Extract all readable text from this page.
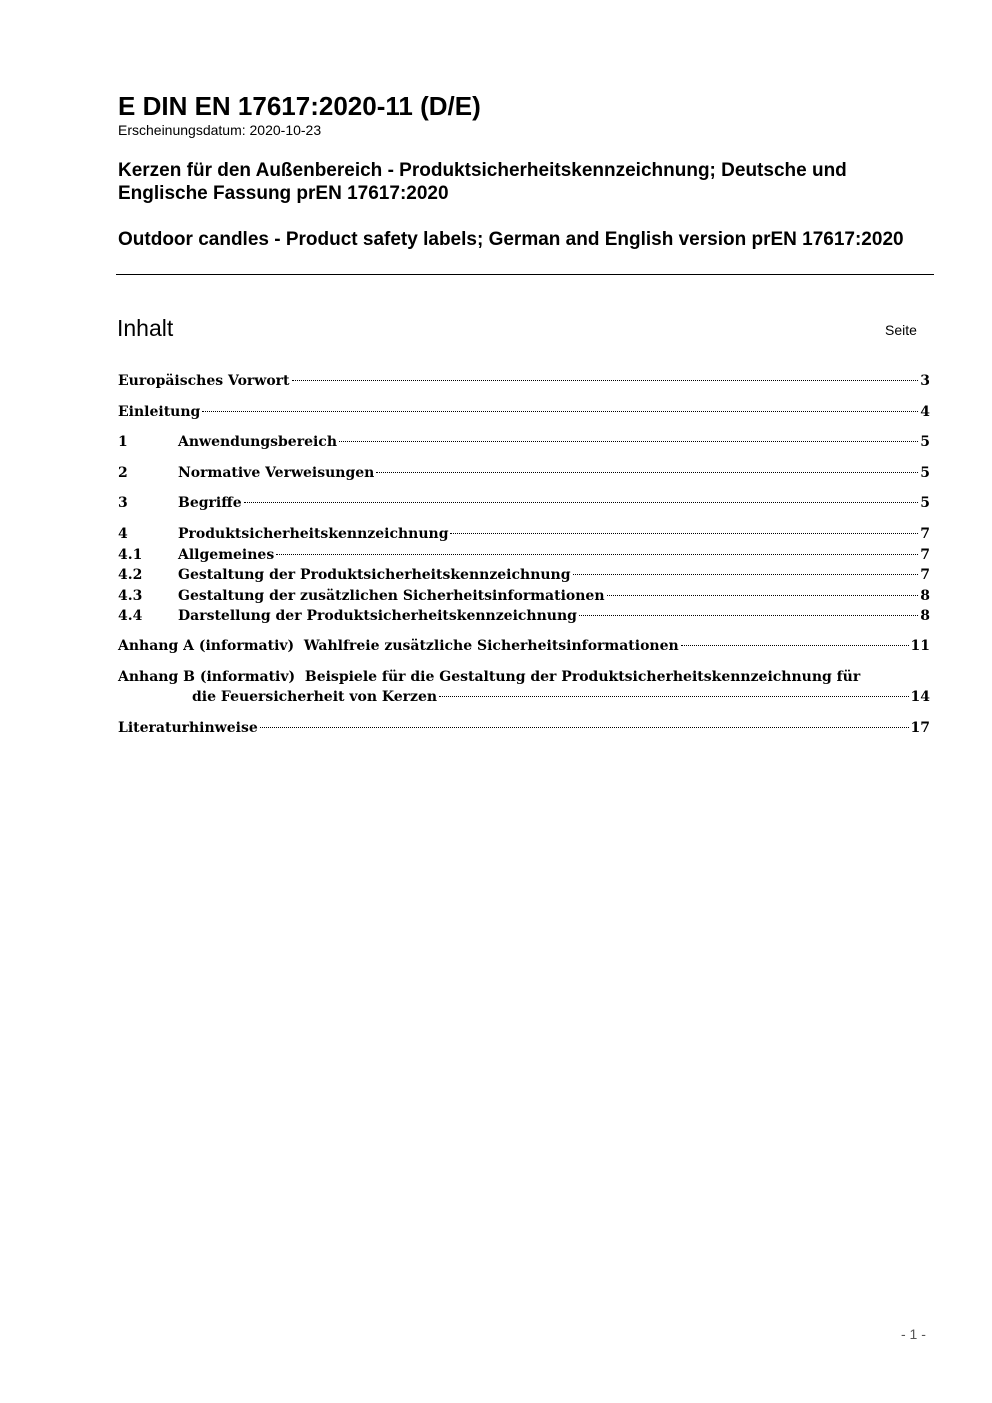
E DIN EN 17617:2020-11 (D/E)
Erscheinungsdatum: 2020-10-23
Kerzen für den Außenbereich - Produktsicherheitskennzeichnung; Deutsche und Englische Fassung prEN 17617:2020
Outdoor candles - Product safety labels; German and English version prEN 17617:2020
Inhalt	Seite
Europäisches Vorwort	3
Einleitung	4
1	Anwendungsbereich	5
2	Normative Verweisungen	5
3	Begriffe	5
4	Produktsicherheitskennzeichnung	7
4.1	Allgemeines	7
4.2	Gestaltung der Produktsicherheitskennzeichnung	7
4.3	Gestaltung der zusätzlichen Sicherheitsinformationen	8
4.4	Darstellung der Produktsicherheitskennzeichnung	8
Anhang A (informativ)  Wahlfreie zusätzliche Sicherheitsinformationen	11
Anhang B (informativ)  Beispiele für die Gestaltung der Produktsicherheitskennzeichnung für
die Feuersicherheit von Kerzen	14
Literaturhinweise	17
- 1 -
